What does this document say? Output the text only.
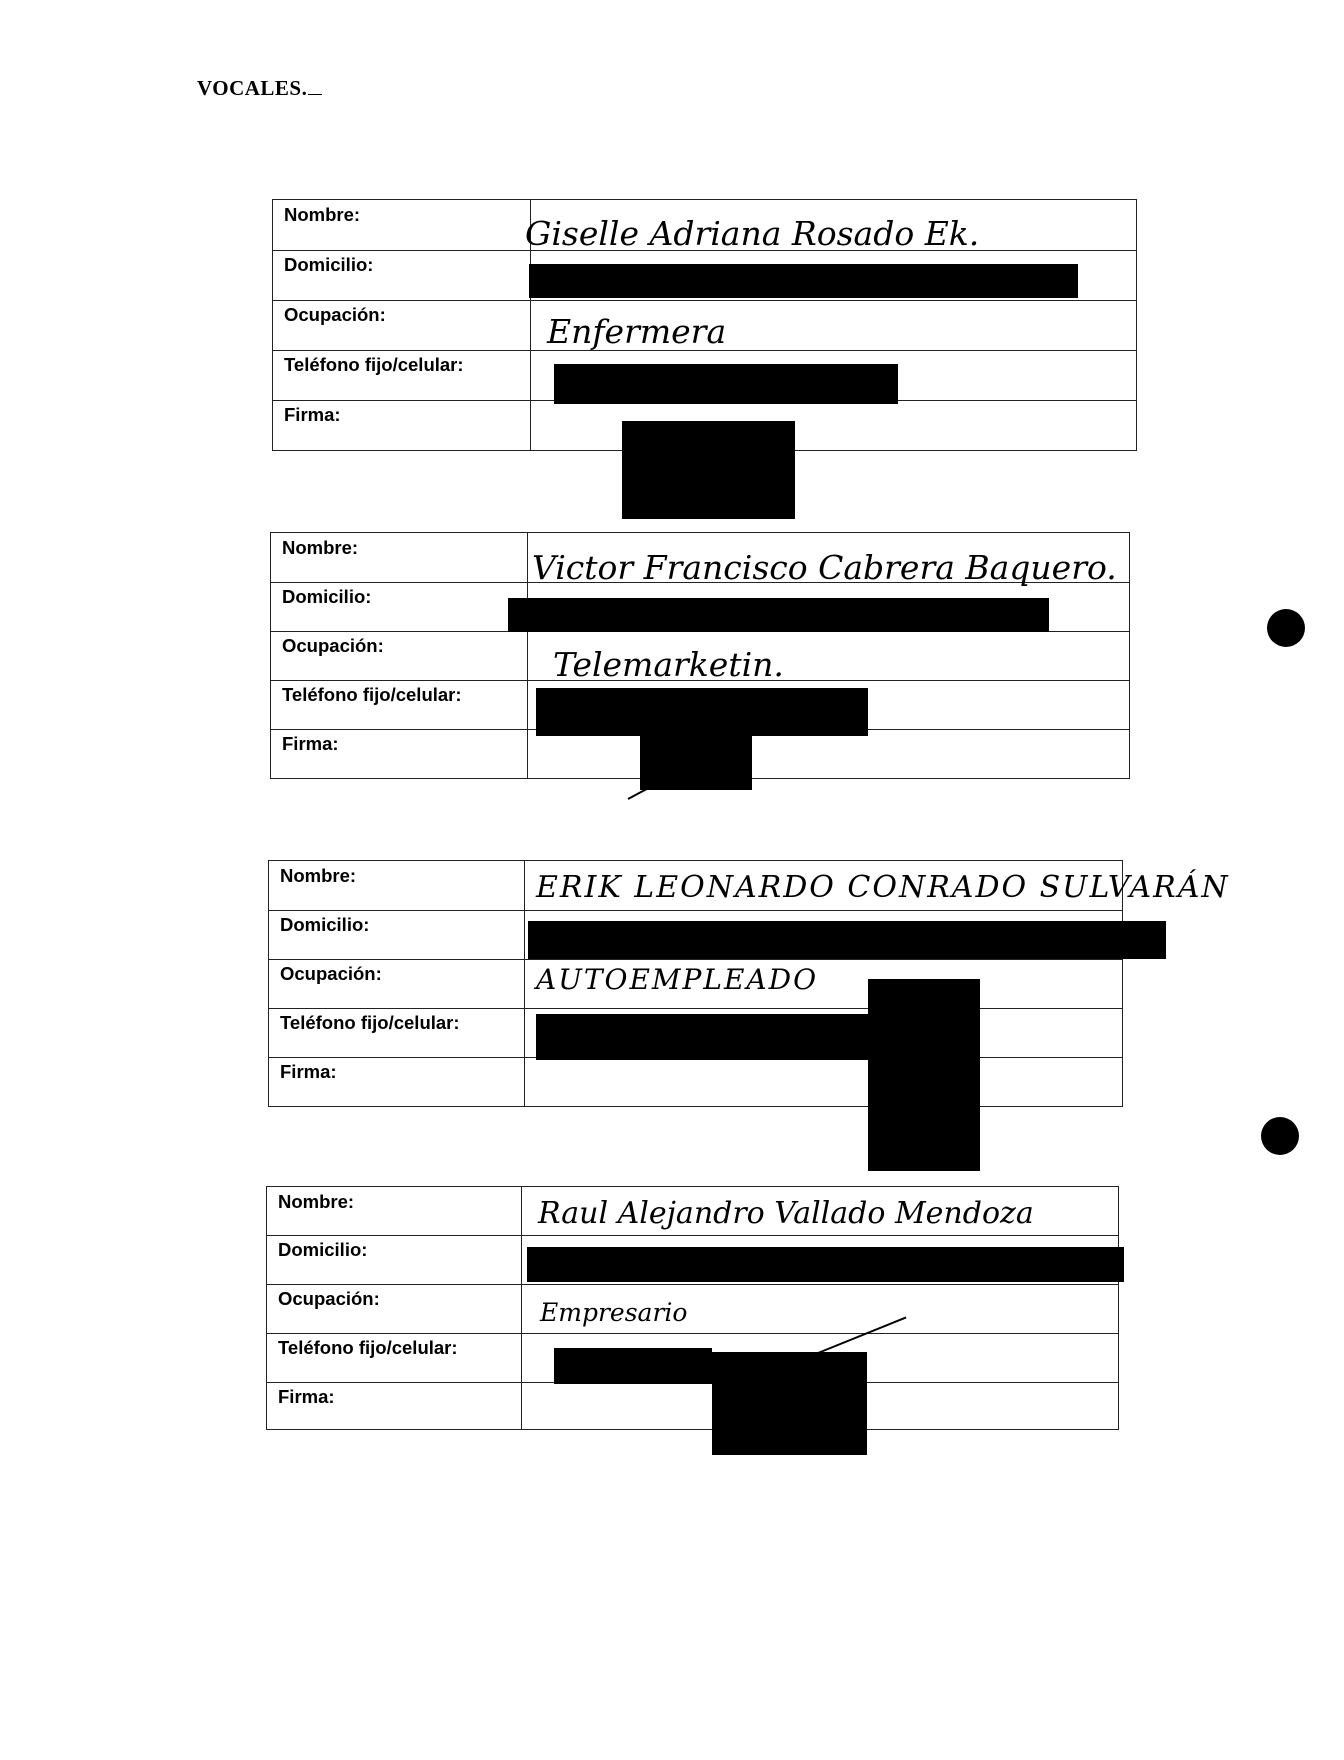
VOCALES.
Nombre:
Domicilio:
Ocupación:
Teléfono fijo/celular:
Firma:
Giselle Adriana Rosado Ek.
Enfermera
Nombre:
Domicilio:
Ocupación:
Teléfono fijo/celular:
Firma:
Victor Francisco Cabrera Baquero.
Telemarketin.
Nombre:
Domicilio:
Ocupación:
Teléfono fijo/celular:
Firma:
ERIK LEONARDO CONRADO SULVARÁN
AUTOEMPLEADO
Nombre:
Domicilio:
Ocupación:
Teléfono fijo/celular:
Firma:
Raul Alejandro Vallado Mendoza
Empresario
